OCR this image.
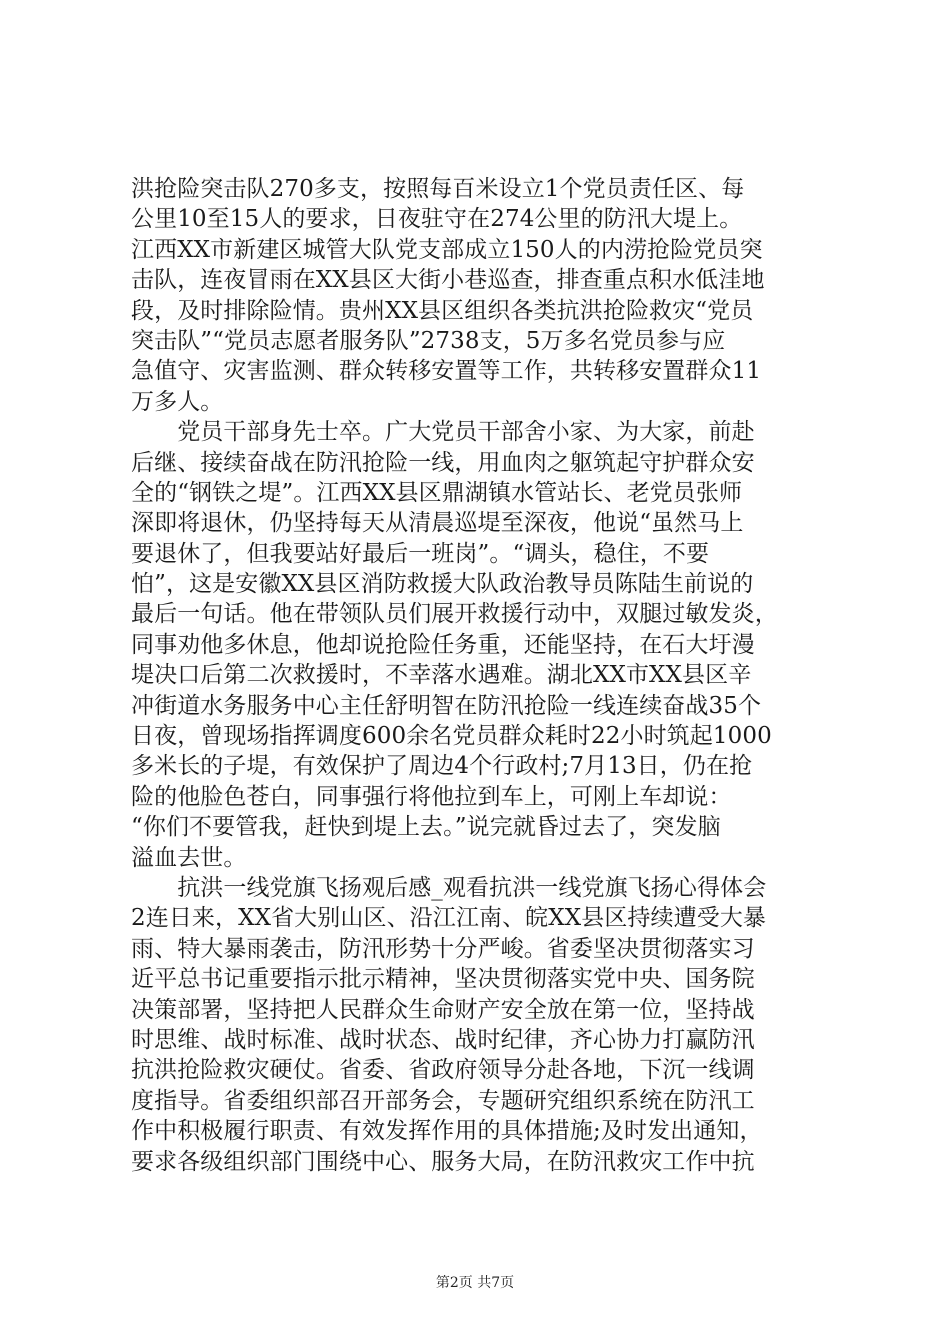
洪抢险突击队270多支，按照每百米设立1个党员责任区、每
公里10至15人的要求，日夜驻守在274公里的防汛大堤上。
江西XX市新建区城管大队党支部成立150人的内涝抢险党员突
击队，连夜冒雨在XX县区大街小巷巡查，排查重点积水低洼地
段，及时排除险情。贵州XX县区组织各类抗洪抢险救灾“党员
突击队”“党员志愿者服务队”2738支，5万多名党员参与应
急值守、灾害监测、群众转移安置等工作，共转移安置群众11
万多人。
　　党员干部身先士卒。广大党员干部舍小家、为大家，前赴
后继、接续奋战在防汛抢险一线，用血肉之躯筑起守护群众安
全的“钢铁之堤”。江西XX县区鼎湖镇水管站长、老党员张师
深即将退休，仍坚持每天从清晨巡堤至深夜，他说“虽然马上
要退休了，但我要站好最后一班岗”。“调头，稳住，不要
怕”，这是安徽XX县区消防救援大队政治教导员陈陆生前说的
最后一句话。他在带领队员们展开救援行动中，双腿过敏发炎，
同事劝他多休息，他却说抢险任务重，还能坚持，在石大圩漫
堤决口后第二次救援时，不幸落水遇难。湖北XX市XX县区辛
冲街道水务服务中心主任舒明智在防汛抢险一线连续奋战35个
日夜，曾现场指挥调度600余名党员群众耗时22小时筑起1000
多米长的子堤，有效保护了周边4个行政村;7月13日，仍在抢
险的他脸色苍白，同事强行将他拉到车上，可刚上车却说：
“你们不要管我，赶快到堤上去。”说完就昏过去了，突发脑
溢血去世。
　　抗洪一线党旗飞扬观后感_观看抗洪一线党旗飞扬心得体会
2连日来，XX省大别山区、沿江江南、皖XX县区持续遭受大暴
雨、特大暴雨袭击，防汛形势十分严峻。省委坚决贯彻落实习
近平总书记重要指示批示精神，坚决贯彻落实党中央、国务院
决策部署，坚持把人民群众生命财产安全放在第一位，坚持战
时思维、战时标准、战时状态、战时纪律，齐心协力打赢防汛
抗洪抢险救灾硬仗。省委、省政府领导分赴各地，下沉一线调
度指导。省委组织部召开部务会，专题研究组织系统在防汛工
作中积极履行职责、有效发挥作用的具体措施;及时发出通知，
要求各级组织部门围绕中心、服务大局，在防汛救灾工作中抗
第2页 共7页
